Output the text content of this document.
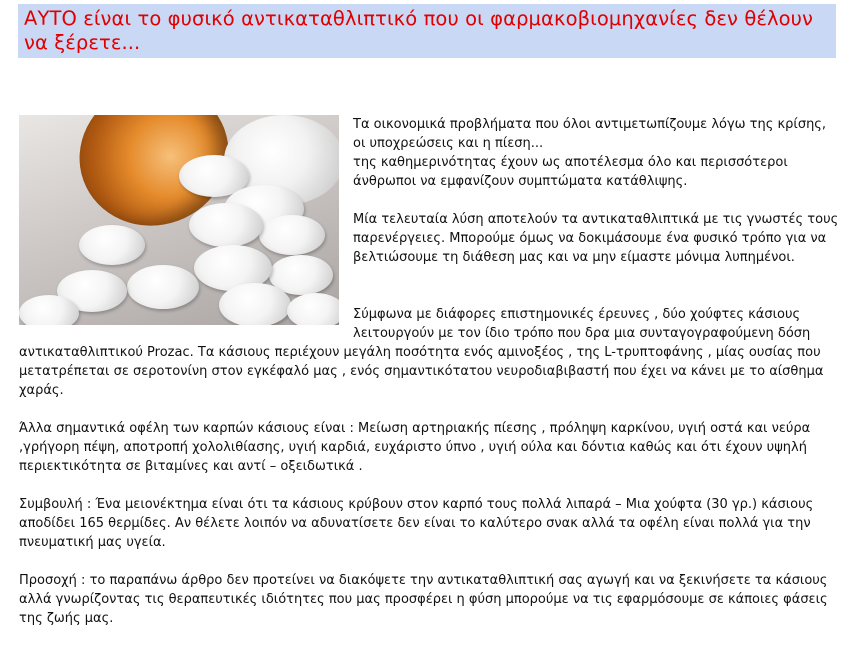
ΑΥΤΟ είναι το φυσικό αντικαταθλιπτικό που οι φαρμακοβιομηχανίες δεν θέλουν να ξέρετε...

Τα οικονομικά προβλήματα που όλοι αντιμετωπίζουμε λόγω της κρίσης, οι υποχρεώσεις και η πίεση...

της καθημερινότητας έχουν ως αποτέλεσμα όλο και περισσότεροι άνθρωποι να εμφανίζουν συμπτώματα κατάθλιψης.

Μία τελευταία λύση αποτελούν τα αντικαταθλιπτικά με τις γνωστές τους παρενέργειες. Μπορούμε όμως να δοκιμάσουμε ένα φυσικό τρόπο για να βελτιώσουμε τη διάθεση μας και να μην είμαστε μόνιμα λυπημένοι.

Σύμφωνα με διάφορες επιστημονικές έρευνες , δύο χούφτες κάσιους λειτουργούν με τον ίδιο τρόπο που δρα μια συνταγογραφούμενη δόση αντικαταθλιπτικού Prozac. Τα κάσιους περιέχουν μεγάλη ποσότητα ενός αμινοξέος , της L-τρυπτοφάνης , μίας ουσίας που μετατρέπεται σε σεροτονίνη στον εγκέφαλό μας , ενός σημαντικότατου νευροδιαβιβαστή που έχει να κάνει με το αίσθημα χαράς.

Άλλα σημαντικά οφέλη των καρπών κάσιους είναι : Μείωση αρτηριακής πίεσης , πρόληψη καρκίνου, υγιή οστά και νεύρα ,γρήγορη πέψη, αποτροπή χολολιθίασης, υγιή καρδιά, ευχάριστο ύπνο , υγιή ούλα και δόντια καθώς και ότι έχουν υψηλή περιεκτικότητα σε βιταμίνες και αντί – οξειδωτικά .

Συμβουλή : Ένα μειονέκτημα είναι ότι τα κάσιους κρύβουν στον καρπό τους πολλά λιπαρά – Μια χούφτα (30 γρ.) κάσιους αποδίδει 165 θερμίδες. Αν θέλετε λοιπόν να αδυνατίσετε δεν είναι το καλύτερο σνακ αλλά τα οφέλη είναι πολλά για την πνευματική μας υγεία.

Προσοχή : το παραπάνω άρθρο δεν προτείνει να διακόψετε την αντικαταθλιπτική σας αγωγή και να ξεκινήσετε τα κάσιους αλλά γνωρίζοντας τις θεραπευτικές ιδιότητες που μας προσφέρει η φύση μπορούμε να τις εφαρμόσουμε σε κάποιες φάσεις της ζωής μας.
